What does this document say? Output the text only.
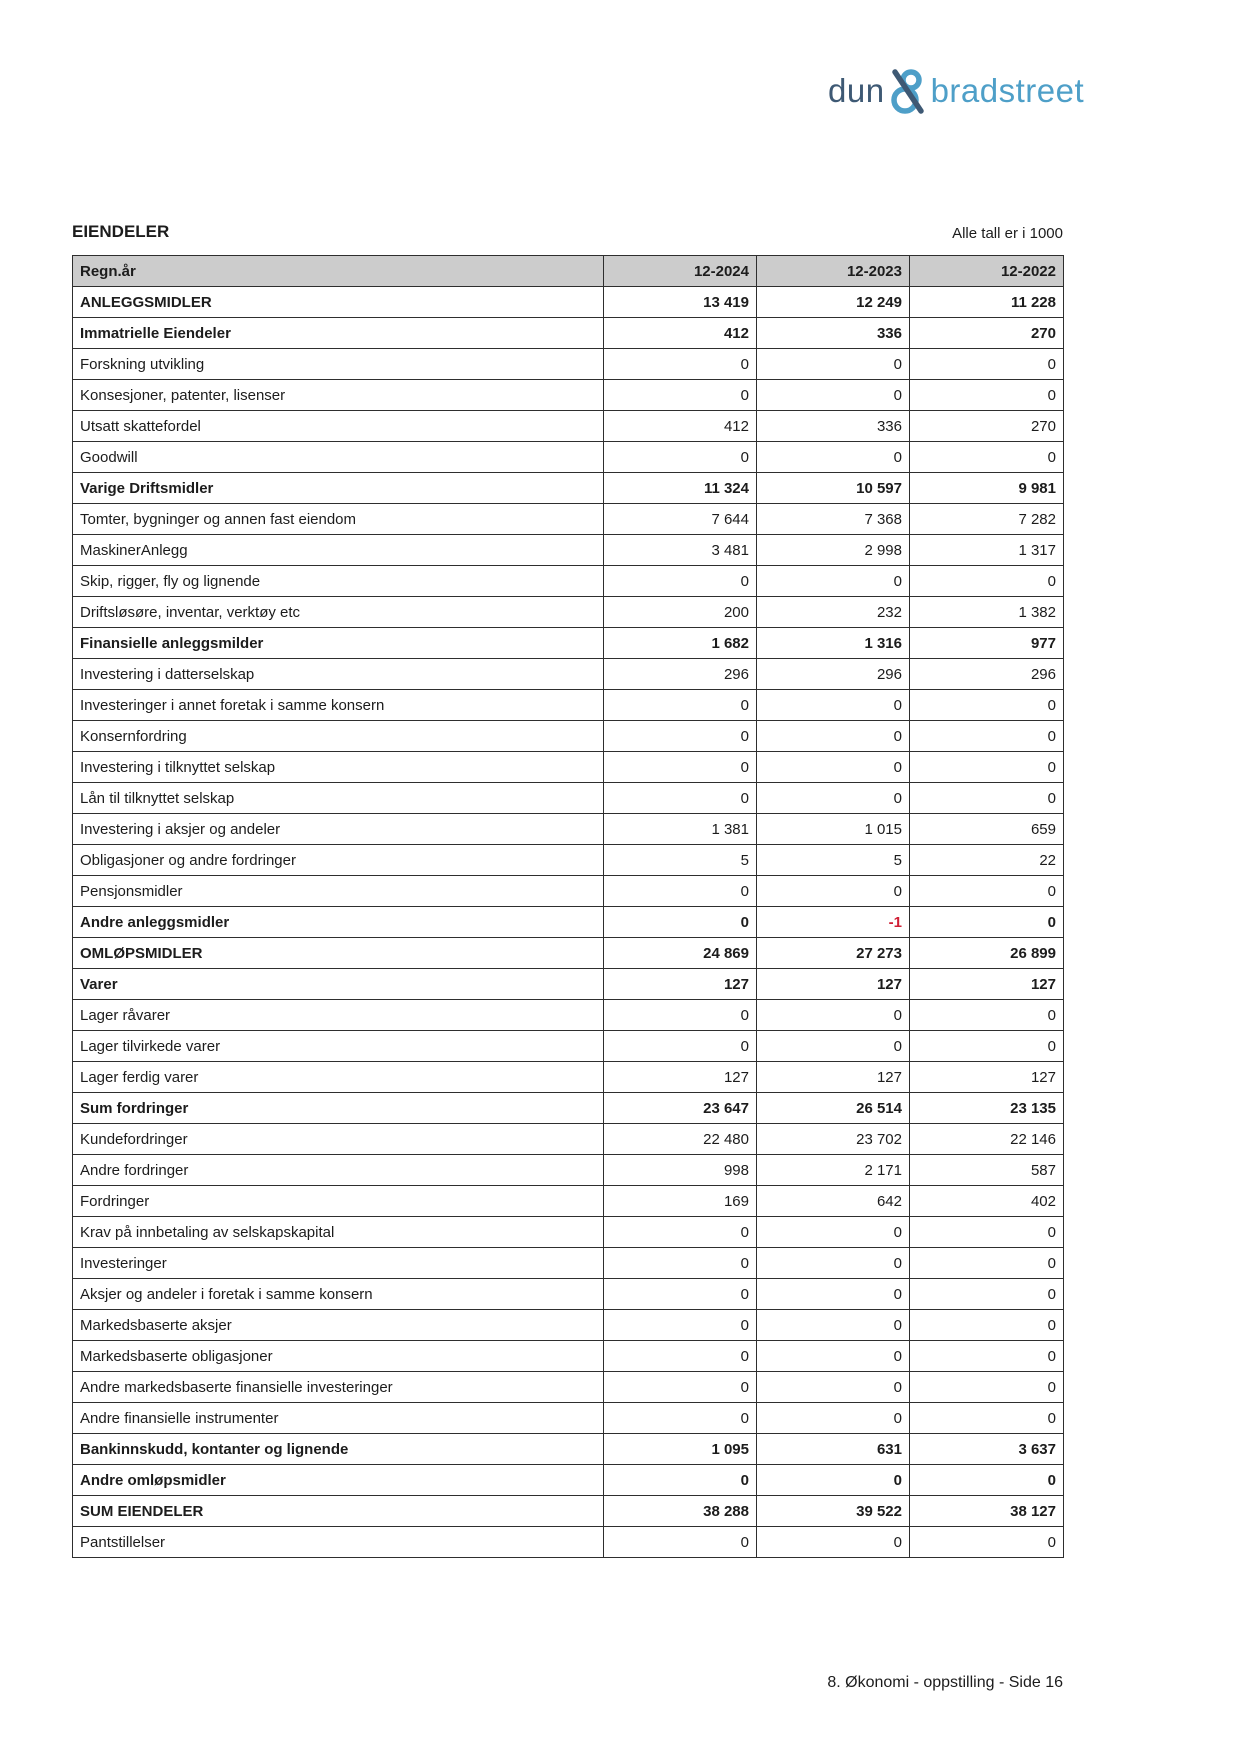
dun bradstreet
EIENDELER	Alle tall er i 1000
Regn.år	12-2024	12-2023	12-2022
ANLEGGSMIDLER	13 419	12 249	11 228
Immatrielle Eiendeler	412	336	270
Forskning utvikling	0	0	0
Konsesjoner, patenter, lisenser	0	0	0
Utsatt skattefordel	412	336	270
Goodwill	0	0	0
Varige Driftsmidler	11 324	10 597	9 981
Tomter, bygninger og annen fast eiendom	7 644	7 368	7 282
MaskinerAnlegg	3 481	2 998	1 317
Skip, rigger, fly og lignende	0	0	0
Driftsløsøre, inventar, verktøy etc	200	232	1 382
Finansielle anleggsmilder	1 682	1 316	977
Investering i datterselskap	296	296	296
Investeringer i annet foretak i samme konsern	0	0	0
Konsernfordring	0	0	0
Investering i tilknyttet selskap	0	0	0
Lån til tilknyttet selskap	0	0	0
Investering i aksjer og andeler	1 381	1 015	659
Obligasjoner og andre fordringer	5	5	22
Pensjonsmidler	0	0	0
Andre anleggsmidler	0	-1	0
OMLØPSMIDLER	24 869	27 273	26 899
Varer	127	127	127
Lager råvarer	0	0	0
Lager tilvirkede varer	0	0	0
Lager ferdig varer	127	127	127
Sum fordringer	23 647	26 514	23 135
Kundefordringer	22 480	23 702	22 146
Andre fordringer	998	2 171	587
Fordringer	169	642	402
Krav på innbetaling av selskapskapital	0	0	0
Investeringer	0	0	0
Aksjer og andeler i foretak i samme konsern	0	0	0
Markedsbaserte aksjer	0	0	0
Markedsbaserte obligasjoner	0	0	0
Andre markedsbaserte finansielle investeringer	0	0	0
Andre finansielle instrumenter	0	0	0
Bankinnskudd, kontanter og lignende	1 095	631	3 637
Andre omløpsmidler	0	0	0
SUM EIENDELER	38 288	39 522	38 127
Pantstillelser	0	0	0
8. Økonomi - oppstilling - Side 16
